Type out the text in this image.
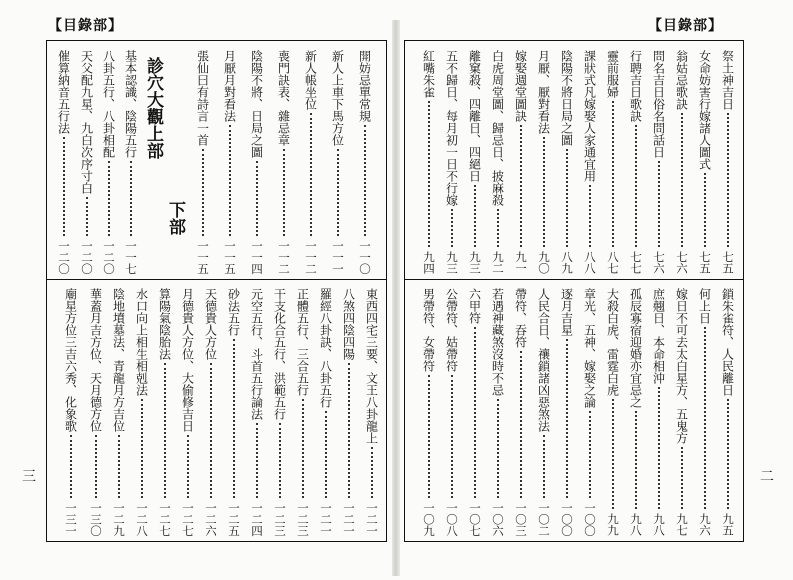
【目錄部】	【目錄部】
開妨忌單常規
一一〇
新人上車下馬方位
一一一
新人帳坐位
一一二
喪門訣表、雜忌章
一一二
陰陽不將、日局之圖
一一四
月厭月對看法
一一五
張仙曰有詩言一首
一一五
下部
診穴大觀上部
基本認識、陰陽五行
一一七
八卦五行、八卦相配
一二〇
天父配九星、九白次序寸白
一二〇
催算納音五行法
一二〇
東西四宅三要、文王八卦龍上
一二一
八煞四陰四陽
一二一
羅經八卦訣、八卦五行
一二一
正體五行、三合五行
一二三
干支化合五行、洪範五行
一二三
元空五行、斗首五行論法
一二四
砂法五行
一二五
天德貴人方位
一二六
月德貴人方位、大偷修吉日
一二七
算陽氣陰胎法
一二七
水口向上相生相剋法
一二八
陰地墳墓法、青龍月方吉位
一二九
華蓋月吉方位、天月德方位
一三〇
廟星方位三吉六秀、化象歌
一三一
祭土神吉日
七五
女命妨害行嫁諸人圖式
七五
翁姑忌歌訣
七六
問名吉日俗名問話日
七六
行聘吉日歌訣
七七
靈前服婦
八七
課狀式凡嫁娶人家通宜用
八八
陰陽不將日局之圖
八九
月厭、厭對看法
九〇
嫁娶週堂圖訣
九一
白虎周堂圖、歸忌日、披麻殺
九二
離窠殺、四離日、四絕日
九三
五不歸日、每月初一日不行嫁
九三
紅嘴朱雀
九四
鎖朱雀符、人民離日
九五
何上日
九六
嫁日不可去太白星方、五鬼方
九七
庶翹日、本命相沖
九八
孤辰寡宿迎婚亦宜忌之
九八
大殺白虎、雷霆白虎
九九
章光、五神、嫁娶之論
一〇〇
逐月吉星
一〇〇
人民合日、禳鎖諸凶惡煞法
一〇二
帶符、吞符
一〇三
若遇神藏煞沒時不忌
一〇六
六甲符
一〇七
公帶符、姑帶符
一〇八
男帶符、女帶符
一〇九
三	二
